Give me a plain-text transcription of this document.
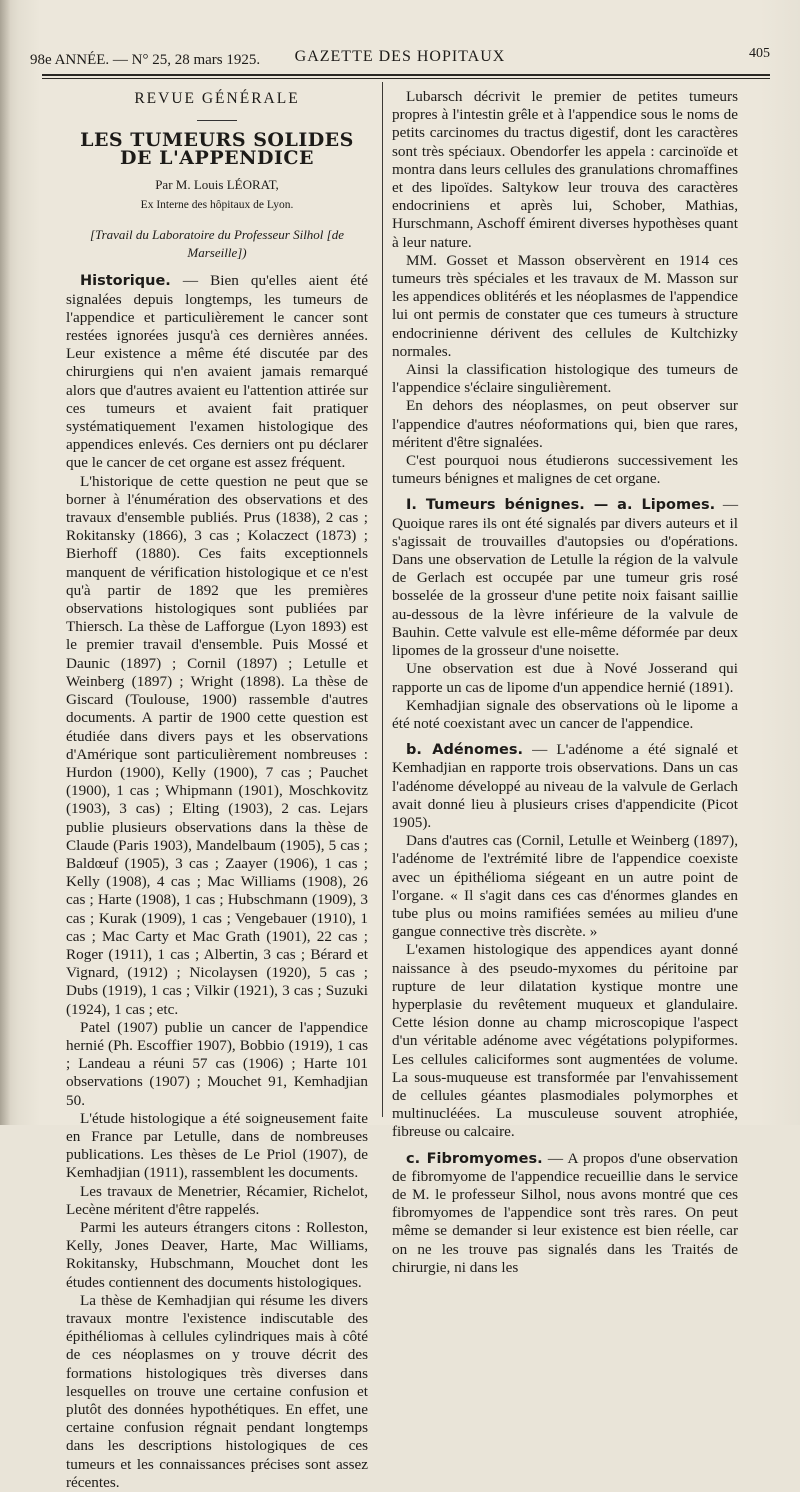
98e ANNÉE. — N° 25, 28 mars 1925.	GAZETTE DES HOPITAUX	405
REVUE GÉNÉRALE
LES TUMEURS SOLIDES DE L'APPENDICE
Par M. Louis LÉORAT,
Ex Interne des hôpitaux de Lyon.
[Travail du Laboratoire du Professeur Silhol [de Marseille])

Historique. — Bien qu'elles aient été signalées depuis longtemps, les tumeurs de l'appendice et particulièrement le cancer sont restées ignorées jusqu'à ces dernières années. Leur existence a même été discutée par des chirurgiens qui n'en avaient jamais remarqué alors que d'autres avaient eu l'attention attirée sur ces tumeurs et avaient fait pratiquer systématiquement l'examen histologique des appendices enlevés. Ces derniers ont pu déclarer que le cancer de cet organe est assez fréquent.

L'historique de cette question ne peut que se borner à l'énumération des observations et des travaux d'ensemble publiés. Prus (1838), 2 cas ; Rokitansky (1866), 3 cas ; Kolaczect (1873) ; Bierhoff (1880). Ces faits exceptionnels manquent de vérification histologique et ce n'est qu'à partir de 1892 que les premières observations histologiques sont publiées par Thiersch. La thèse de Lafforgue (Lyon 1893) est le premier travail d'ensemble. Puis Mossé et Daunic (1897) ; Cornil (1897) ; Letulle et Weinberg (1897) ; Wright (1898). La thèse de Giscard (Toulouse, 1900) rassemble d'autres documents. A partir de 1900 cette question est étudiée dans divers pays et les observations d'Amérique sont particulièrement nombreuses : Hurdon (1900), Kelly (1900), 7 cas ; Pauchet (1900), 1 cas ; Whipmann (1901), Moschkovitz (1903), 3 cas) ; Elting (1903), 2 cas. Lejars publie plusieurs observations dans la thèse de Claude (Paris 1903), Mandelbaum (1905), 5 cas ; Baldœuf (1905), 3 cas ; Zaayer (1906), 1 cas ; Kelly (1908), 4 cas ; Mac Williams (1908), 26 cas ; Harte (1908), 1 cas ; Hubschmann (1909), 3 cas ; Kurak (1909), 1 cas ; Vengebauer (1910), 1 cas ; Mac Carty et Mac Grath (1901), 22 cas ; Roger (1911), 1 cas ; Albertin, 3 cas ; Bérard et Vignard, (1912) ; Nicolaysen (1920), 5 cas ; Dubs (1919), 1 cas ; Vilkir (1921), 3 cas ; Suzuki (1924), 1 cas ; etc.

Patel (1907) publie un cancer de l'appendice hernié (Ph. Escoffier 1907), Bobbio (1919), 1 cas ; Landeau a réuni 57 cas (1906) ; Harte 101 observations (1907) ; Mouchet 91, Kemhadjian 50.

L'étude histologique a été soigneusement faite en France par Letulle, dans de nombreuses publications. Les thèses de Le Priol (1907), de Kemhadjian (1911), rassemblent les documents.

Les travaux de Menetrier, Récamier, Richelot, Lecène méritent d'être rappelés.

Parmi les auteurs étrangers citons : Rolleston, Kelly, Jones Deaver, Harte, Mac Williams, Rokitansky, Hubschmann, Mouchet dont les études contiennent des documents histologiques.

La thèse de Kemhadjian qui résume les divers travaux montre l'existence indiscutable des épithéliomas à cellules cylindriques mais à côté de ces néoplasmes on y trouve décrit des formations histologiques très diverses dans lesquelles on trouve une certaine confusion et plutôt des données hypothétiques. En effet, une certaine confusion régnait pendant longtemps dans les descriptions histologiques de ces tumeurs et les connaissances précises sont assez récentes.

Lubarsch décrivit le premier de petites tumeurs propres à l'intestin grêle et à l'appendice sous le noms de petits carcinomes du tractus digestif, dont les caractères sont très spéciaux. Obendorfer les appela : carcinoïde et montra dans leurs cellules des granulations chromaffines et des lipoïdes. Saltykow leur trouva des caractères endocriniens et après lui, Schober, Mathias, Hurschmann, Aschoff émirent diverses hypothèses quant à leur nature.

MM. Gosset et Masson observèrent en 1914 ces tumeurs très spéciales et les travaux de M. Masson sur les appendices oblitérés et les néoplasmes de l'appendice lui ont permis de constater que ces tumeurs à structure endocrinienne dérivent des cellules de Kultchizky normales.

Ainsi la classification histologique des tumeurs de l'appendice s'éclaire singulièrement.

En dehors des néoplasmes, on peut observer sur l'appendice d'autres néoformations qui, bien que rares, méritent d'être signalées.

C'est pourquoi nous étudierons successivement les tumeurs bénignes et malignes de cet organe.

I. Tumeurs bénignes. — a. Lipomes. — Quoique rares ils ont été signalés par divers auteurs et il s'agissait de trouvailles d'autopsies ou d'opérations. Dans une observation de Letulle la région de la valvule de Gerlach est occupée par une tumeur gris rosé bosselée de la grosseur d'une petite noix faisant saillie au-dessous de la lèvre inférieure de la valvule de Bauhin. Cette valvule est elle-même déformée par deux lipomes de la grosseur d'une noisette.

Une observation est due à Nové Josserand qui rapporte un cas de lipome d'un appendice hernié (1891).

Kemhadjian signale des observations où le lipome a été noté coexistant avec un cancer de l'appendice.

b. Adénomes. — L'adénome a été signalé et Kemhadjian en rapporte trois observations. Dans un cas l'adénome développé au niveau de la valvule de Gerlach avait donné lieu à plusieurs crises d'appendicite (Picot 1905).

Dans d'autres cas (Cornil, Letulle et Weinberg (1897), l'adénome de l'extrémité libre de l'appendice coexiste avec un épithélioma siégeant en un autre point de l'organe. « Il s'agit dans ces cas d'énormes glandes en tube plus ou moins ramifiées semées au milieu d'une gangue connective très discrète. »

L'examen histologique des appendices ayant donné naissance à des pseudo-myxomes du péritoine par rupture de leur dilatation kystique montre une hyperplasie du revêtement muqueux et glandulaire. Cette lésion donne au champ microscopique l'aspect d'un véritable adénome avec végétations polypiformes. Les cellules caliciformes sont augmentées de volume. La sous-muqueuse est transformée par l'envahissement de cellules géantes plasmodiales polymorphes et multinucléées. La musculeuse souvent atrophiée, fibreuse ou calcaire.

c. Fibromyomes. — A propos d'une observation de fibromyome de l'appendice recueillie dans le service de M. le professeur Silhol, nous avons montré que ces fibromyomes de l'appendice sont très rares. On peut même se demander si leur existence est bien réelle, car on ne les trouve pas signalés dans les Traités de chirurgie, ni dans les
